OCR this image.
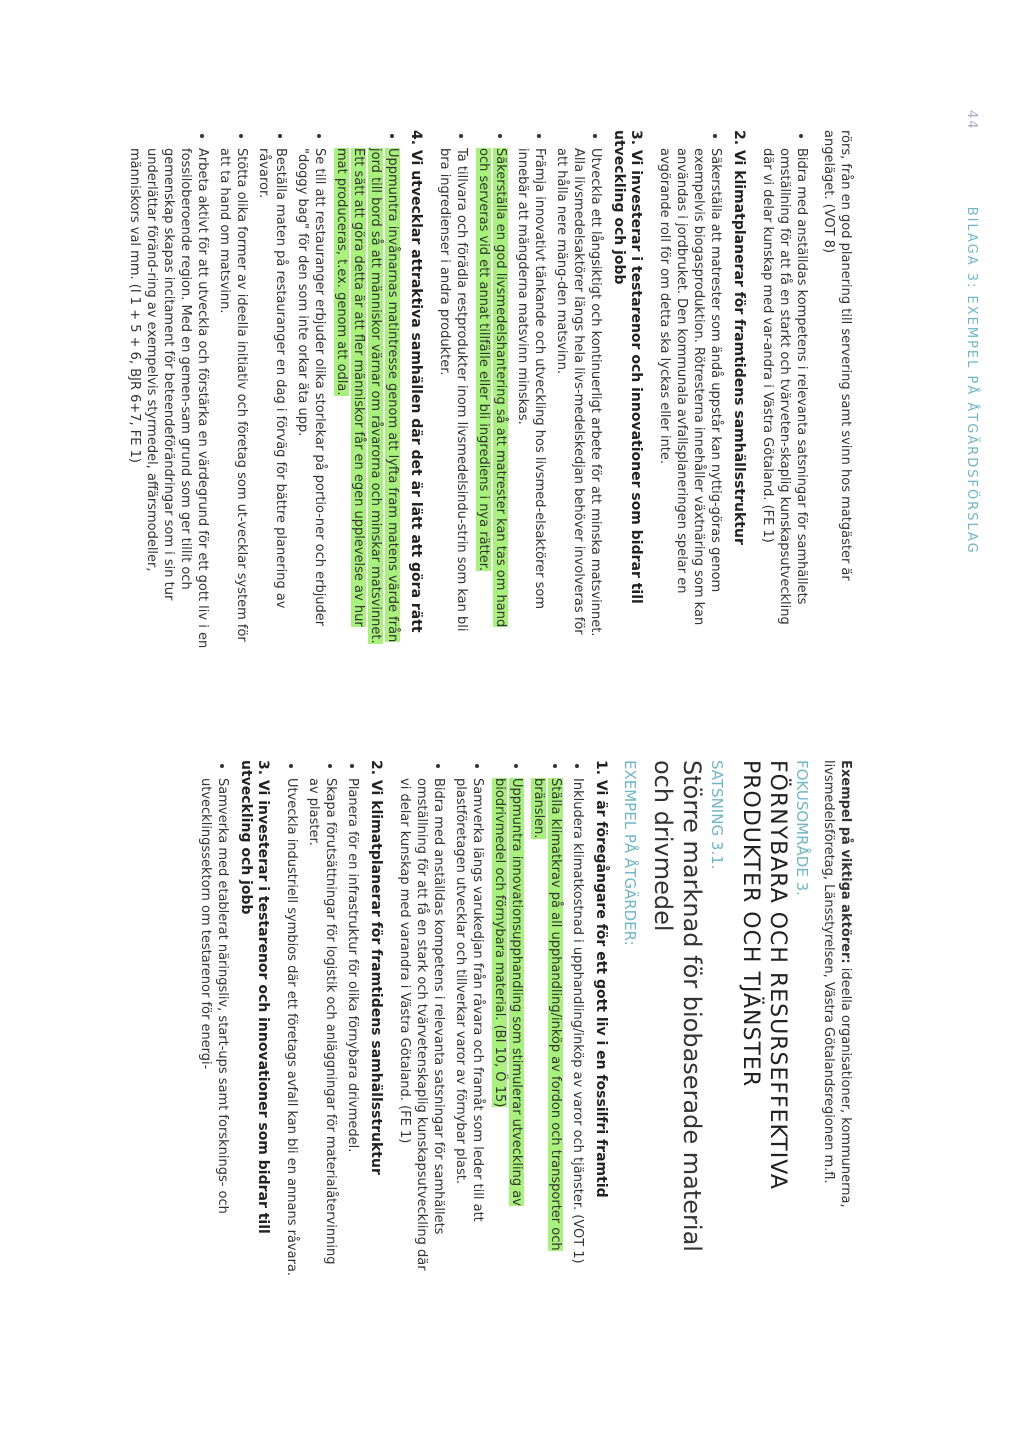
44 BILAGA 3: EXEMPEL PÅ ÅTGÄRDSFÖRSLAG

rörs, från en god planering till servering samt svinn hos matgäster är angeläget. (VOT 8)

• Bidra med anställdas kompetens i relevanta satsningar för samhällets omställning för att få en starkt och tvärveten-skaplig kunskapsutveckling där vi delar kunskap med var-andra i Västra Götaland. (FE 1)
2. Vi klimatplanerar för framtidens samhällsstruktur
• Säkerställa att matrester som ändå uppstår kan nyttig-göras genom exempelvis biogasproduktion. Rötresterna innehåller växtnäring som kan användas i jordbruket. Den kommunala avfallsplaneringen spelar en avgörande roll för om detta ska lyckas eller inte.
3. Vi investerar i testarenor och innovationer som bidrar till utveckling och jobb
• Utveckla ett långsiktigt och kontinuerligt arbete för att minska matsvinnet. Alla livsmedelsaktörer längs hela livs-medelskedjan behöver involveras för att hålla nere mäng-den matsvinn.
• Främja innovativt tänkande och utveckling hos livsmed-elsaktörer som innebär att mängderna matsvinn minskas.
• Säkerställa en god livsmedelshantering så att matrester kan tas om hand och serveras vid ett annat tillfälle eller bli ingrediens i nya rätter.
• Ta tillvara och förädla restprodukter inom livsmedelsindu-strin som kan bli bra ingredienser i andra produkter.
4. Vi utvecklar attraktiva samhällen där det är lätt att göra rätt
• Uppmuntra invånarnas matintresse genom att lyfta fram matens värde från jord till bord så att människor värnar om råvarorna och minskar matsvinnet. Ett sätt att göra detta är att fler människor får en egen upplevelse av hur mat produceras, t.ex. genom att odla.
• Se till att restauranger erbjuder olika storlekar på portio-ner och erbjuder "doggy bag" för den som inte orkar äta upp.
• Beställa maten på restauranger en dag i förväg för bättre planering av råvaror.
• Stötta olika former av ideella initiativ och företag som ut-vecklar system för att ta hand om matsvinn.
• Arbeta aktivt för att utveckla och förstärka en värdegrund för ett gott liv i en fossiloberoende region. Med en gemen-sam grund som ger tillit och gemenskap skapas incitament för beteendeförändringar som i sin tur underlättar föränd-ring av exempelvis styrmedel, affärsmodeller, människors val mm. (I 1 + 5 + 6, BJR 6+7, FE 1)

Exempel på viktiga aktörer: ideella organisationer, kommunerna, livsmedelsföretag, Länsstyrelsen, Västra Götalandsregionen m.fl.

FOKUSOMRÅDE 3.
FÖRNYBARA OCH RESURSEFFEKTIVA PRODUKTER OCH TJÄNSTER
SATSNING 3.1.
Större marknad för biobaserade material och drivmedel
EXEMPEL PÅ ÅTGÄRDER:
1. Vi är föregångare för ett gott liv i en fossilfri framtid
• Inkludera klimatkostnad i upphandling/inköp av varor och tjänster. (VOT 1)
• Ställa klimatkrav på all upphandling/inköp av fordon och transporter och bränslen.
• Uppmuntra innovationsupphandling som stimulerar utveckling av biodrivmedel och förnybara material. (BI 10, Ö 15)
• Samverka längs varukedjan från råvara och framåt som leder till att plastföretagen utvecklar och tillverkar varor av förnybar plast.
• Bidra med anställdas kompetens i relevanta satsningar för samhällets omställning för att få en stark och tvärvetenskaplig kunskapsutveckling där vi delar kunskap med varandra i Västra Götaland. (FE 1)
2. Vi klimatplanerar för framtidens samhällsstruktur
• Planera för en infrastruktur för olika förnybara drivmedel.
• Skapa förutsättningar för logistik och anläggningar för materialåtervinning av plaster.
• Utveckla industriell symbios där ett företags avfall kan bli en annans råvara.
3. Vi investerar i testarenor och innovationer som bidrar till utveckling och jobb
• Samverka med etablerat näringsliv, start-ups samt forsknings- och utvecklingssektorn om testarenor för energi-
